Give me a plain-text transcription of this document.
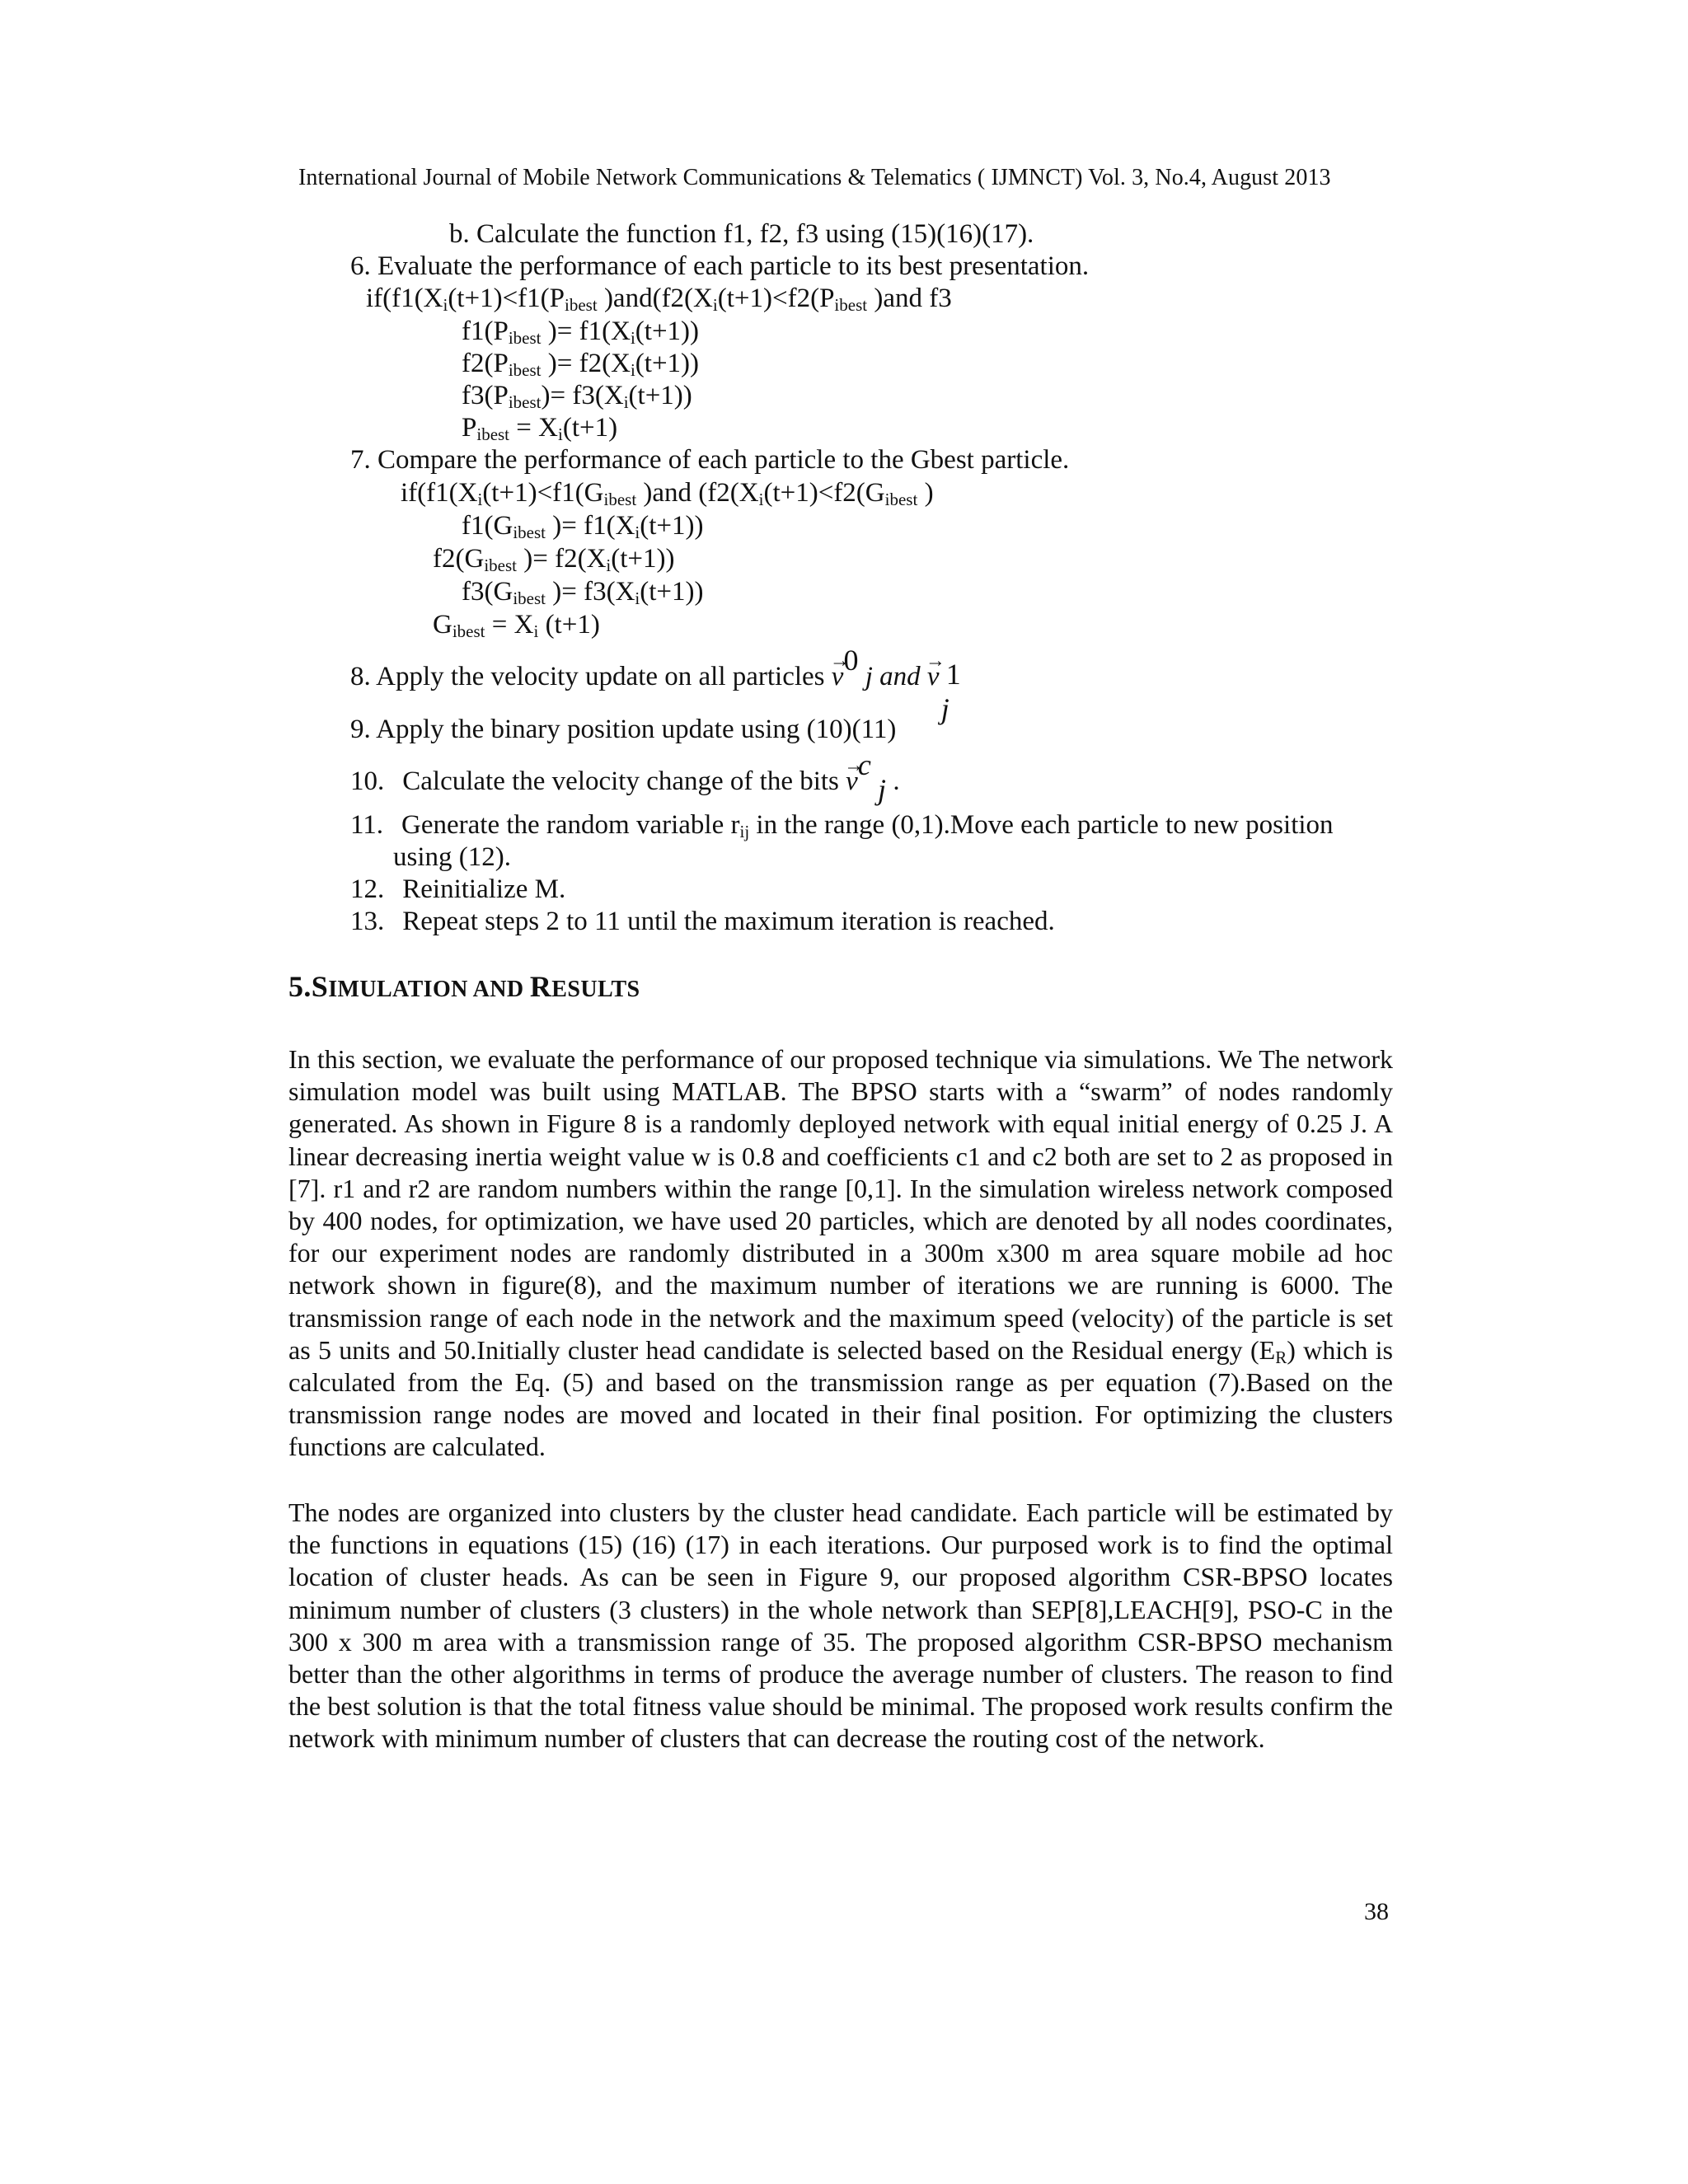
International Journal of Mobile Network Communications & Telematics ( IJMNCT) Vol. 3, No.4, August 2013
b. Calculate the function f1, f2, f3 using (15)(16)(17).
6. Evaluate the performance of each particle to its best presentation.
$if(f1(X_i(t+1)<f1(P_{ibest}$ )$and(f2(X_i(t+1)<f2(P_{ibest}$ )and f3
$f1(P_{ibest}$ )= $f1(X_i(t+1))$
$f2(P_{ibest}$ )= $f2(X_i(t+1))$
$f3(P_{ibest})= f3(X_i(t+1))$
$P_{ibest} = X_i(t+1)$
7. Compare the performance of each particle to the Gbest particle.
$if(f1(X_i(t+1)<f1(G_{ibest}$ )and ($f2(X_i(t+1)<f2(G_{ibest}$ )
$f1(G_{ibest}$ )= $f1(X_i(t+1))$
$f2(G_{ibest}$ )= $f2(X_i(t+1))$
$f3(G_{ibest}$ )= $f3(X_i(t+1))$
$G_{ibest} = X_i$ (t+1)
8. Apply the velocity update on all particles → v0 j and → v 1
j
9. Apply the binary position update using (10)(11)
10. Calculate the velocity change of the bits → vc j .
11. Generate the random variable $r_{ij}$ in the range (0,1).Move each particle to new position
using (12).
12. Reinitialize M.
13. Repeat steps 2 to 11 until the maximum iteration is reached.
5.SIMULATION AND RESULTS
In this section, we evaluate the performance of our proposed technique via simulations. We The network simulation model was built using MATLAB. The BPSO starts with a “swarm” of nodes randomly generated. As shown in Figure 8 is a randomly deployed network with equal initial energy of 0.25 J. A linear decreasing inertia weight value w is 0.8 and coefficients c1 and c2 both are set to 2 as proposed in [7]. r1 and r2 are random numbers within the range [0,1]. In the simulation wireless network composed by 400 nodes, for optimization, we have used 20 particles, which are denoted by all nodes coordinates, for our experiment nodes are randomly distributed in a 300m x300 m area square mobile ad hoc network shown in figure(8), and the maximum number of iterations we are running is 6000. The transmission range of each node in the network and the maximum speed (velocity) of the particle is set as 5 units and 50.Initially cluster head candidate is selected based on the Residual energy $(E_R)$ which is calculated from the Eq. (5) and based on the transmission range as per equation (7).Based on the transmission range nodes are moved and located in their final position. For optimizing the clusters functions are calculated.
The nodes are organized into clusters by the cluster head candidate. Each particle will be estimated by the functions in equations (15) (16) (17) in each iterations. Our purposed work is to find the optimal location of cluster heads. As can be seen in Figure 9, our proposed algorithm CSR-BPSO locates minimum number of clusters (3 clusters) in the whole network than SEP[8],LEACH[9], PSO-C in the 300 x 300 m area with a transmission range of 35. The proposed algorithm CSR-BPSO mechanism better than the other algorithms in terms of produce the average number of clusters. The reason to find the best solution is that the total fitness value should be minimal. The proposed work results confirm the network with minimum number of clusters that can decrease the routing cost of the network.
38
